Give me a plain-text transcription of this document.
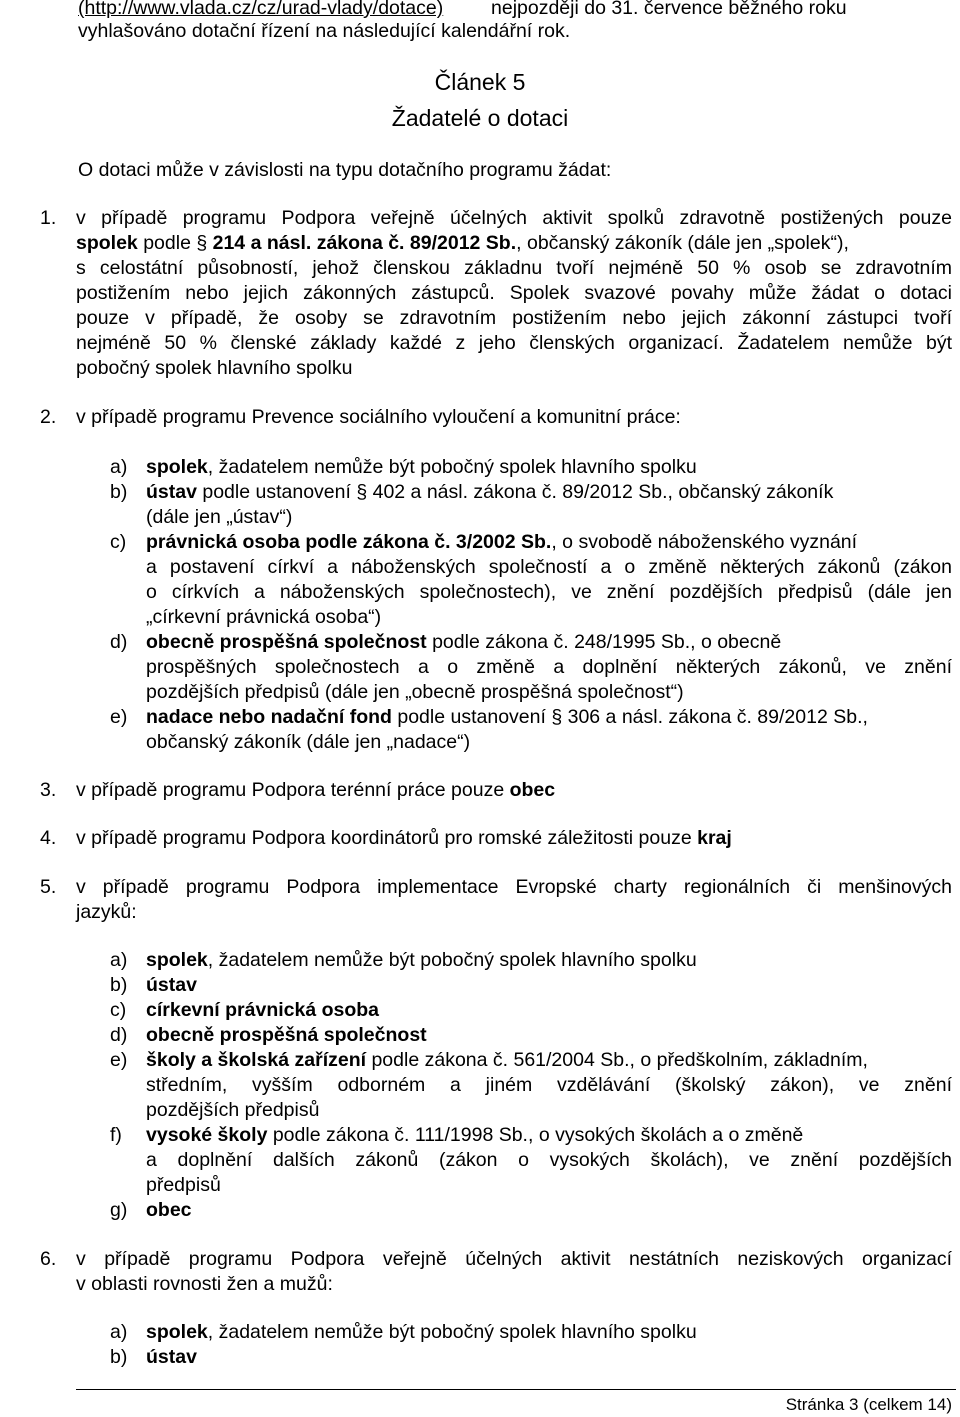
(http://www.vlada.cz/cz/urad-vlady/dotace) nejpozději do 31. července běžného roku
vyhlašováno dotační řízení na následující kalendářní rok.
Článek 5
Žadatelé o dotaci
O dotaci může v závislosti na typu dotačního programu žádat:
1. v případě programu Podpora veřejně účelných aktivit spolků zdravotně postižených pouze
spolek podle § 214 a násl. zákona č. 89/2012 Sb., občanský zákoník (dále jen „spolek“),
s celostátní působností, jehož členskou základnu tvoří nejméně 50 % osob se zdravotním
postižením nebo jejich zákonných zástupců. Spolek svazové povahy může žádat o dotaci
pouze v případě, že osoby se zdravotním postižením nebo jejich zákonní zástupci tvoří
nejméně 50 % členské základy každé z jeho členských organizací. Žadatelem nemůže být
pobočný spolek hlavního spolku
2. v případě programu Prevence sociálního vyloučení a komunitní práce:
a) spolek, žadatelem nemůže být pobočný spolek hlavního spolku
b) ústav podle ustanovení § 402 a násl. zákona č. 89/2012 Sb., občanský zákoník
(dále jen „ústav“)
c) právnická osoba podle zákona č. 3/2002 Sb., o svobodě náboženského vyznání
a postavení církví a náboženských společností a o změně některých zákonů (zákon
o církvích a náboženských společnostech), ve znění pozdějších předpisů (dále jen
„církevní právnická osoba“)
d) obecně prospěšná společnost podle zákona č. 248/1995 Sb., o obecně
prospěšných společnostech a o změně a doplnění některých zákonů, ve znění
pozdějších předpisů (dále jen „obecně prospěšná společnost“)
e) nadace nebo nadační fond podle ustanovení § 306 a násl. zákona č. 89/2012 Sb.,
občanský zákoník (dále jen „nadace“)
3. v případě programu Podpora terénní práce pouze obec
4. v případě programu Podpora koordinátorů pro romské záležitosti pouze kraj
5. v případě programu Podpora implementace Evropské charty regionálních či menšinových
jazyků:
a) spolek, žadatelem nemůže být pobočný spolek hlavního spolku
b) ústav
c) církevní právnická osoba
d) obecně prospěšná společnost
e) školy a školská zařízení podle zákona č. 561/2004 Sb., o předškolním, základním,
středním, vyšším odborném a jiném vzdělávání (školský zákon), ve znění
pozdějších předpisů
f) vysoké školy podle zákona č. 111/1998 Sb., o vysokých školách a o změně
a doplnění dalších zákonů (zákon o vysokých školách), ve znění pozdějších
předpisů
g) obec
6. v případě programu Podpora veřejně účelných aktivit nestátních neziskových organizací
v oblasti rovnosti žen a mužů:
a) spolek, žadatelem nemůže být pobočný spolek hlavního spolku
b) ústav
Stránka 3 (celkem 14)
